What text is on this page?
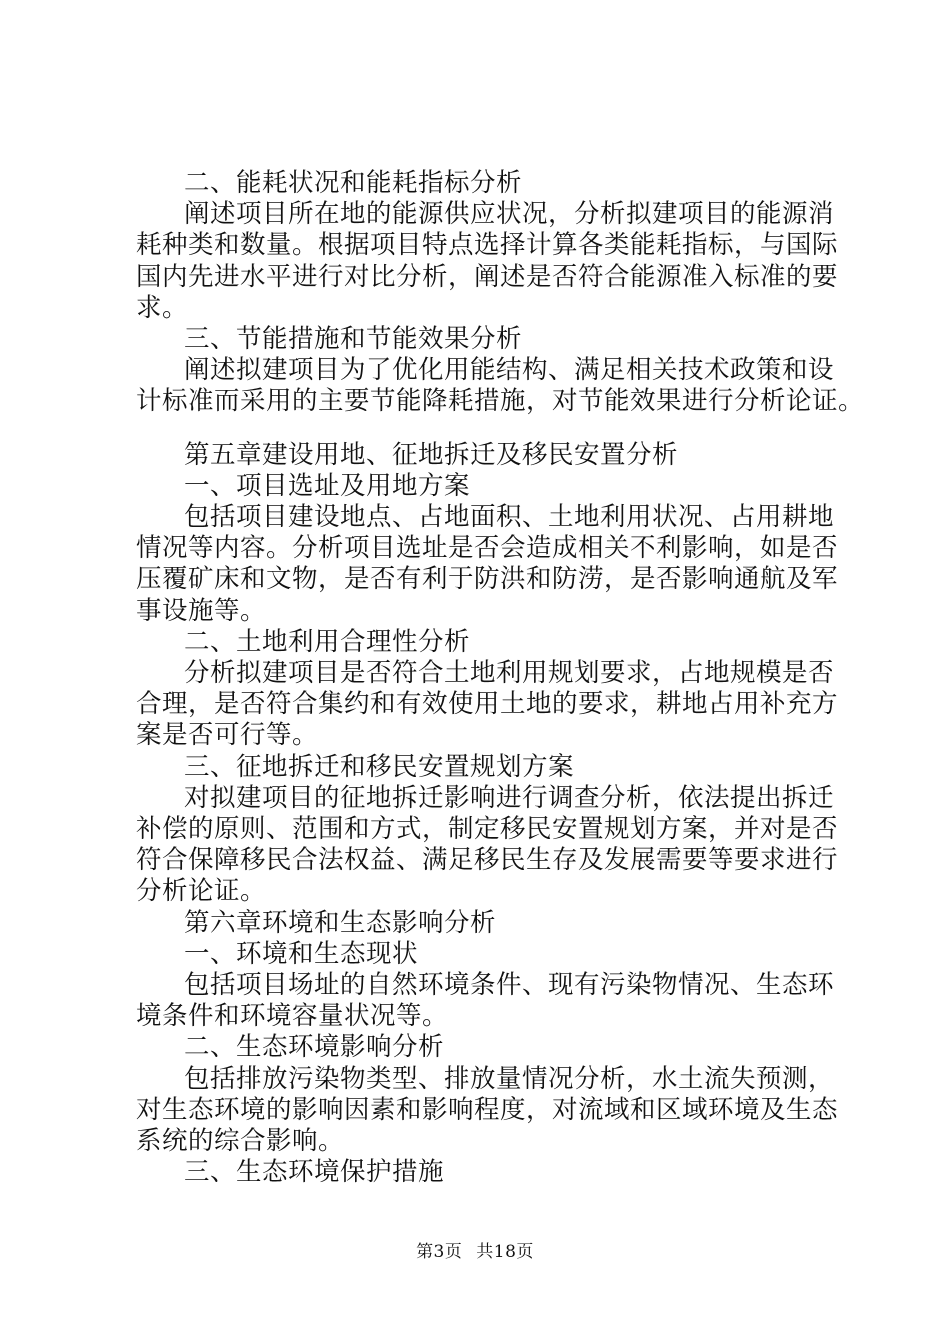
二、能耗状况和能耗指标分析
阐述项目所在地的能源供应状况，分析拟建项目的能源消
耗种类和数量。根据项目特点选择计算各类能耗指标，与国际
国内先进水平进行对比分析，阐述是否符合能源准入标准的要
求。
三、节能措施和节能效果分析
阐述拟建项目为了优化用能结构、满足相关技术政策和设
计标准而采用的主要节能降耗措施，对节能效果进行分析论证。
第五章建设用地、征地拆迁及移民安置分析
一、项目选址及用地方案
包括项目建设地点、占地面积、土地利用状况、占用耕地
情况等内容。分析项目选址是否会造成相关不利影响，如是否
压覆矿床和文物，是否有利于防洪和防涝，是否影响通航及军
事设施等。
二、土地利用合理性分析
分析拟建项目是否符合土地利用规划要求，占地规模是否
合理，是否符合集约和有效使用土地的要求，耕地占用补充方
案是否可行等。
三、征地拆迁和移民安置规划方案
对拟建项目的征地拆迁影响进行调查分析，依法提出拆迁
补偿的原则、范围和方式，制定移民安置规划方案，并对是否
符合保障移民合法权益、满足移民生存及发展需要等要求进行
分析论证。
第六章环境和生态影响分析
一、环境和生态现状
包括项目场址的自然环境条件、现有污染物情况、生态环
境条件和环境容量状况等。
二、生态环境影响分析
包括排放污染物类型、排放量情况分析，水土流失预测，
对生态环境的影响因素和影响程度，对流域和区域环境及生态
系统的综合影响。
三、生态环境保护措施
第3页 共18页
